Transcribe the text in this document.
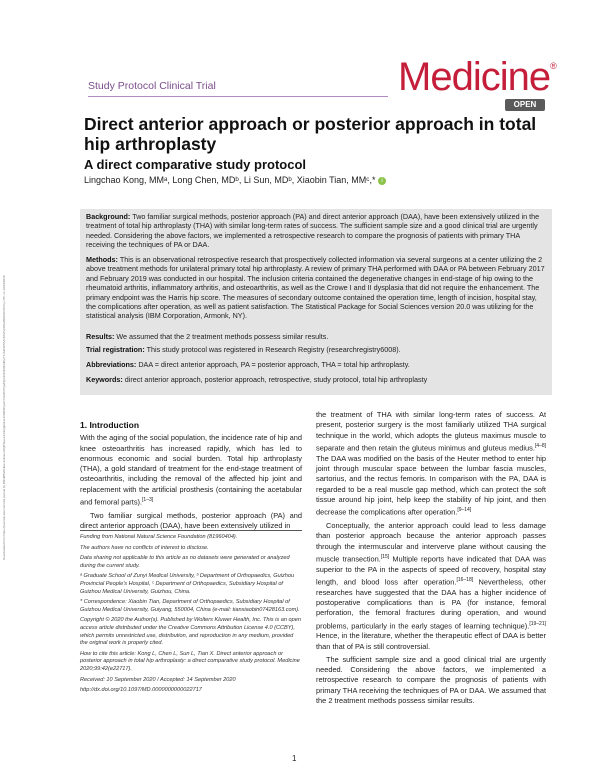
Downloaded from https://journals.lww.com/md-journal by BhDMf5ePHKav1zEoum1tQfN4a+kJLhEZgbsIHo4XMi0hCywCX1AWnYQp/IlQrHD3i3D0OdRyi7TvSFl4Cf3VC4/OAVpDDa8KKGKV0Ymy+78= on 10/24/2020
Study Protocol Clinical Trial	Medicine®
OPEN
Direct anterior approach or posterior approach in total hip arthroplasty
A direct comparative study protocol
Lingchao Kong, MMᵃ, Long Chen, MDᵇ, Li Sun, MDᵇ, Xiaobin Tian, MMᶜ,* i
Background: Two familiar surgical methods, posterior approach (PA) and direct anterior approach (DAA), have been extensively utilized in the treatment of total hip arthroplasty (THA) with similar long-term rates of success. The sufficient sample size and a good clinical trial are urgently needed. Considering the above factors, we implemented a retrospective research to compare the prognosis of patients with primary THA receiving the techniques of PA or DAA.
Methods: This is an observational retrospective research that prospectively collected information via several surgeons at a center utilizing the 2 above treatment methods for unilateral primary total hip arthroplasty. A review of primary THA performed with DAA or PA between February 2017 and February 2019 was conducted in our hospital. The inclusion criteria contained the degenerative changes in end-stage of hip owing to the rheumatoid arthritis, inflammatory arthritis, and osteoarthritis, as well as the Crowe I and II dysplasia that did not require the enhancement. The primary endpoint was the Harris hip score. The measures of secondary outcome contained the operation time, length of incision, hospital stay, the complications after operation, as well as patient satisfaction. The Statistical Package for Social Sciences version 20.0 was utilizing for the statistical analysis (IBM Corporation, Armonk, NY).
Results: We assumed that the 2 treatment methods possess similar results.
Trial registration: This study protocol was registered in Research Registry (researchregistry6008).
Abbreviations: DAA = direct anterior approach, PA = posterior approach, THA = total hip arthroplasty.
Keywords: direct anterior approach, posterior approach, retrospective, study protocol, total hip arthroplasty

1. Introduction

With the aging of the social population, the incidence rate of hip and knee osteoarthritis has increased rapidly, which has led to enormous economic and social burden. Total hip arthroplasty (THA), a gold standard of treatment for the end-stage treatment of osteoarthritis, including the removal of the affected hip joint and replacement with the artificial prosthesis (containing the acetabular and femoral parts).[1–3]

Two familiar surgical methods, posterior approach (PA) and direct anterior approach (DAA), have been extensively utilized in

Funding from National Natural Science Foundation (81960404).

The authors have no conflicts of interest to disclose.

Data sharing not applicable to this article as no datasets were generated or analyzed during the current study.

ᵃ Graduate School of Zunyi Medical University, ᵇ Department of Orthopaedics, Guizhou Provincial People's Hospital, ᶜ Department of Orthopaedics, Subsidiary Hospital of Guizhou Medical University, Guizhou, China.

* Correspondence: Xiaobin Tian, Department of Orthopaedics, Subsidiary Hospital of Guizhou Medical University, Guiyang, 550004, China (e-mail: tianxiaobin07428163.com).

Copyright © 2020 the Author(s). Published by Wolters Kluwer Health, Inc. This is an open access article distributed under the Creative Commons Attribution License 4.0 (CCBY), which permits unrestricted use, distribution, and reproduction in any medium, provided the original work is properly cited.

How to cite this article: Kong L, Chen L, Sun L, Tian X. Direct anterior approach or posterior approach in total hip arthroplasty: a direct comparative study protocol. Medicine 2020;99:42(e22717).

Received: 10 September 2020 / Accepted: 14 September 2020

http://dx.doi.org/10.1097/MD.0000000000022717

the treatment of THA with similar long-term rates of success. At present, posterior surgery is the most familiarly utilized THA surgical technique in the world, which adopts the gluteus maximus muscle to separate and then retain the gluteus minimus and gluteus medius.[4–8] The DAA was modified on the basis of the Heuter method to enter hip joint through muscular space between the lumbar fascia muscles, sartorius, and the rectus femoris. In comparison with the PA, DAA is regarded to be a real muscle gap method, which can protect the soft tissue around hip joint, help keep the stability of hip joint, and then decrease the complications after operation.[9–14]

Conceptually, the anterior approach could lead to less damage than posterior approach because the anterior approach passes through the intermuscular and interverve plane without causing the muscle transection.[15] Multiple reports have indicated that DAA was superior to the PA in the aspects of speed of recovery, hospital stay length, and blood loss after operation.[16–18] Nevertheless, other researches have suggested that the DAA has a higher incidence of postoperative complications than is PA (for instance, femoral perforation, the femoral fractures during operation, and wound problems, particularly in the early stages of learning technique).[19–21] Hence, in the literature, whether the therapeutic effect of DAA is better than that of PA is still controversial.

The sufficient sample size and a good clinical trial are urgently needed. Considering the above factors, we implemented a retrospective research to compare the prognosis of patients with primary THA receiving the techniques of PA or DAA. We assumed that the 2 treatment methods possess similar results.

1
